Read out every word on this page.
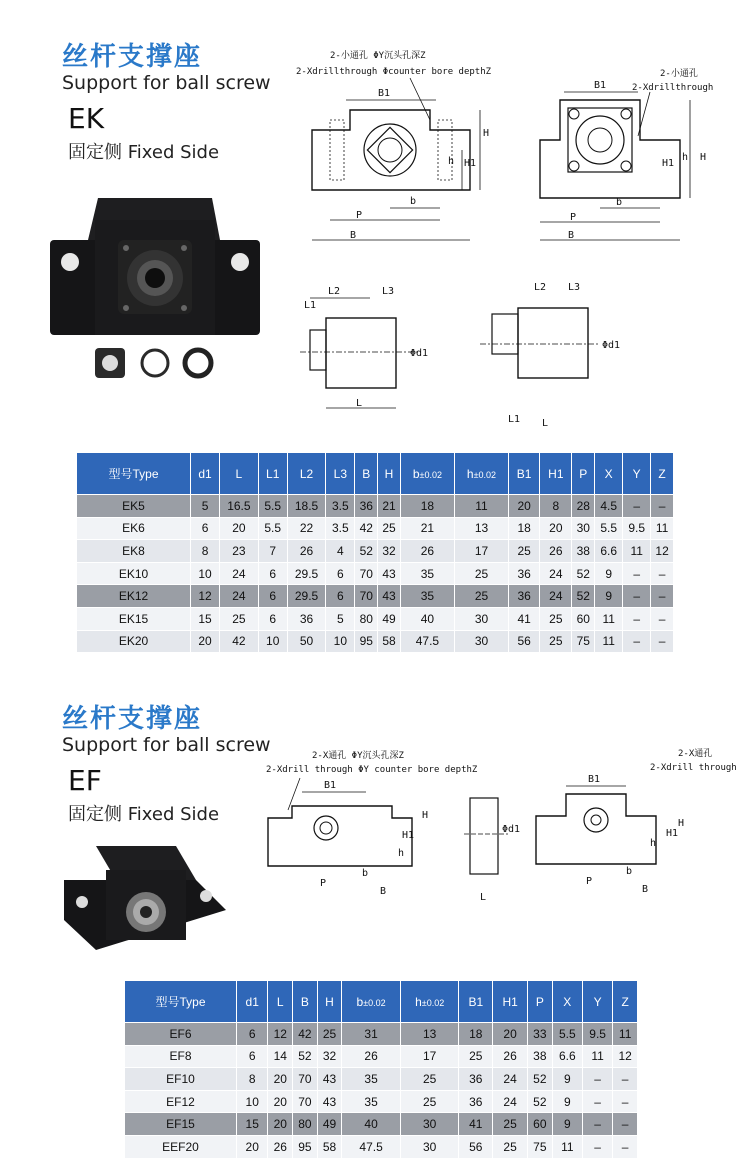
丝杆支撑座
Support for ball screw
EK
固定侧 Fixed Side
2-小通孔 ΦY沉头孔深Z
2-Xdrillthrough Φcounter bore depthZ
B1
H
H1
h
b
P
B
2-小通孔
2-Xdrillthrough
B1
H
H1
h
b
P
B
L2
L1
L3
Φd1
L
L2 L3
Φd1
L1 L
型号Type	d1	L	L1	L2	L3	B	H	b±0.02	h±0.02	B1	H1	P	X	Y	Z
EK5	5	16.5	5.5	18.5	3.5	36	21	18	11	20	8	28	4.5	–	–
EK6	6	20	5.5	22	3.5	42	25	21	13	18	20	30	5.5	9.5	11
EK8	8	23	7	26	4	52	32	26	17	25	26	38	6.6	11	12
EK10	10	24	6	29.5	6	70	43	35	25	36	24	52	9	–	–
EK12	12	24	6	29.5	6	70	43	35	25	36	24	52	9	–	–
EK15	15	25	6	36	5	80	49	40	30	41	25	60	11	–	–
EK20	20	42	10	50	10	95	58	47.5	30	56	25	75	11	–	–
丝杆支撑座
Support for ball screw
EF
固定侧 Fixed Side
2-X通孔 ΦY沉头孔深Z
2-Xdrill through ΦY counter bore depthZ
B1
H1
H
h
b
P
B
Φd1
L
2-X通孔
2-Xdrill through
B1
H1
H
h
b
P
B
型号Type	d1	L	B	H	b±0.02	h±0.02	B1	H1	P	X	Y	Z
EF6	6	12	42	25	31	13	18	20	33	5.5	9.5	11
EF8	6	14	52	32	26	17	25	26	38	6.6	11	12
EF10	8	20	70	43	35	25	36	24	52	9	–	–
EF12	10	20	70	43	35	25	36	24	52	9	–	–
EF15	15	20	80	49	40	30	41	25	60	9	–	–
EEF20	20	26	95	58	47.5	30	56	25	75	11	–	–
